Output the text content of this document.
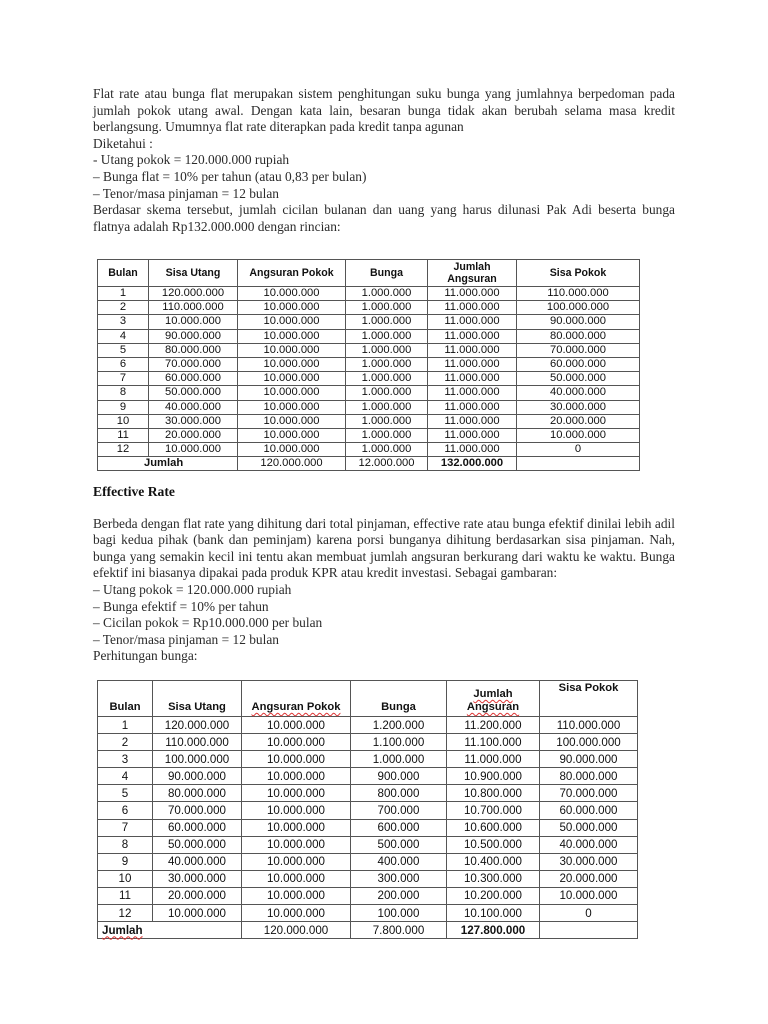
Flat rate atau bunga flat merupakan sistem penghitungan suku bunga yang jumlahnya berpedoman pada jumlah pokok utang awal. Dengan kata lain, besaran bunga tidak akan berubah selama masa kredit berlangsung. Umumnya flat rate diterapkan pada kredit tanpa agunan

Diketahui :

- Utang pokok = 120.000.000 rupiah

– Bunga flat = 10% per tahun (atau 0,83 per bulan)

– Tenor/masa pinjaman = 12 bulan

Berdasar skema tersebut, jumlah cicilan bulanan dan uang yang harus dilunasi Pak Adi beserta bunga flatnya adalah Rp132.000.000 dengan rincian:

Bulan	Sisa Utang	Angsuran Pokok	Bunga	Jumlah Angsuran	Sisa Pokok
1	120.000.000	10.000.000	1.000.000	11.000.000	110.000.000
2	110.000.000	10.000.000	1.000.000	11.000.000	100.000.000
3	10.000.000	10.000.000	1.000.000	11.000.000	90.000.000
4	90.000.000	10.000.000	1.000.000	11.000.000	80.000.000
5	80.000.000	10.000.000	1.000.000	11.000.000	70.000.000
6	70.000.000	10.000.000	1.000.000	11.000.000	60.000.000
7	60.000.000	10.000.000	1.000.000	11.000.000	50.000.000
8	50.000.000	10.000.000	1.000.000	11.000.000	40.000.000
9	40.000.000	10.000.000	1.000.000	11.000.000	30.000.000
10	30.000.000	10.000.000	1.000.000	11.000.000	20.000.000
11	20.000.000	10.000.000	1.000.000	11.000.000	10.000.000
12	10.000.000	10.000.000	1.000.000	11.000.000	0
Jumlah		120.000.000	12.000.000	132.000.000	

Effective Rate

Berbeda dengan flat rate yang dihitung dari total pinjaman, effective rate atau bunga efektif dinilai lebih adil bagi kedua pihak (bank dan peminjam) karena porsi bunganya dihitung berdasarkan sisa pinjaman. Nah, bunga yang semakin kecil ini tentu akan membuat jumlah angsuran berkurang dari waktu ke waktu. Bunga efektif ini biasanya dipakai pada produk KPR atau kredit investasi. Sebagai gambaran:

– Utang pokok = 120.000.000 rupiah

– Bunga efektif = 10% per tahun

– Cicilan pokok = Rp10.000.000 per bulan

– Tenor/masa pinjaman = 12 bulan

Perhitungan bunga:

Bulan	Sisa Utang	Angsuran Pokok	Bunga	Jumlah Angsuran	Sisa Pokok
1	120.000.000	10.000.000	1.200.000	11.200.000	110.000.000
2	110.000.000	10.000.000	1.100.000	11.100.000	100.000.000
3	100.000.000	10.000.000	1.000.000	11.000.000	90.000.000
4	90.000.000	10.000.000	900.000	10.900.000	80.000.000
5	80.000.000	10.000.000	800.000	10.800.000	70.000.000
6	70.000.000	10.000.000	700.000	10.700.000	60.000.000
7	60.000.000	10.000.000	600.000	10.600.000	50.000.000
8	50.000.000	10.000.000	500.000	10.500.000	40.000.000
9	40.000.000	10.000.000	400.000	10.400.000	30.000.000
10	30.000.000	10.000.000	300.000	10.300.000	20.000.000
11	20.000.000	10.000.000	200.000	10.200.000	10.000.000
12	10.000.000	10.000.000	100.000	10.100.000	0
Jumlah		120.000.000	7.800.000	127.800.000	
